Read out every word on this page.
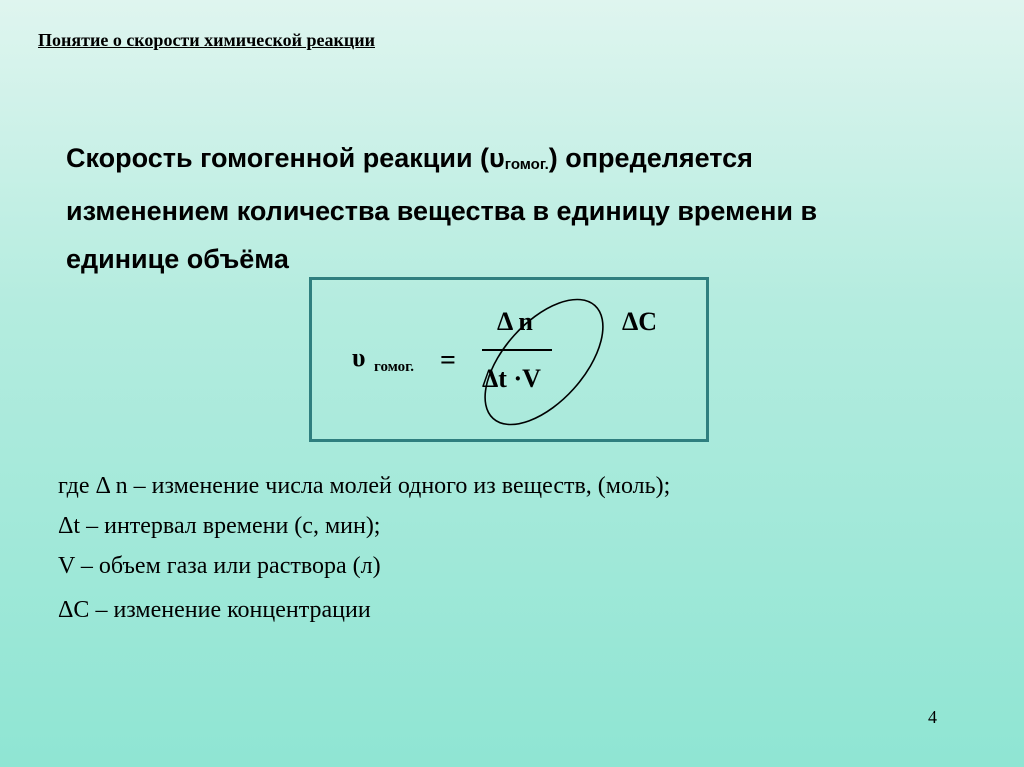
Понятие о скорости химической реакции
Скорость гомогенной реакции $(\upsilon_{гомог.})$ определяется
изменением количества вещества в единицу времени в
единице объёма
υ гомог. =
Δ n
Δt ·V
ΔC
где Δ n – изменение числа молей одного из веществ, (моль);
Δt – интервал времени (с, мин);
V – объем газа или раствора (л)
ΔС – изменение концентрации
4
